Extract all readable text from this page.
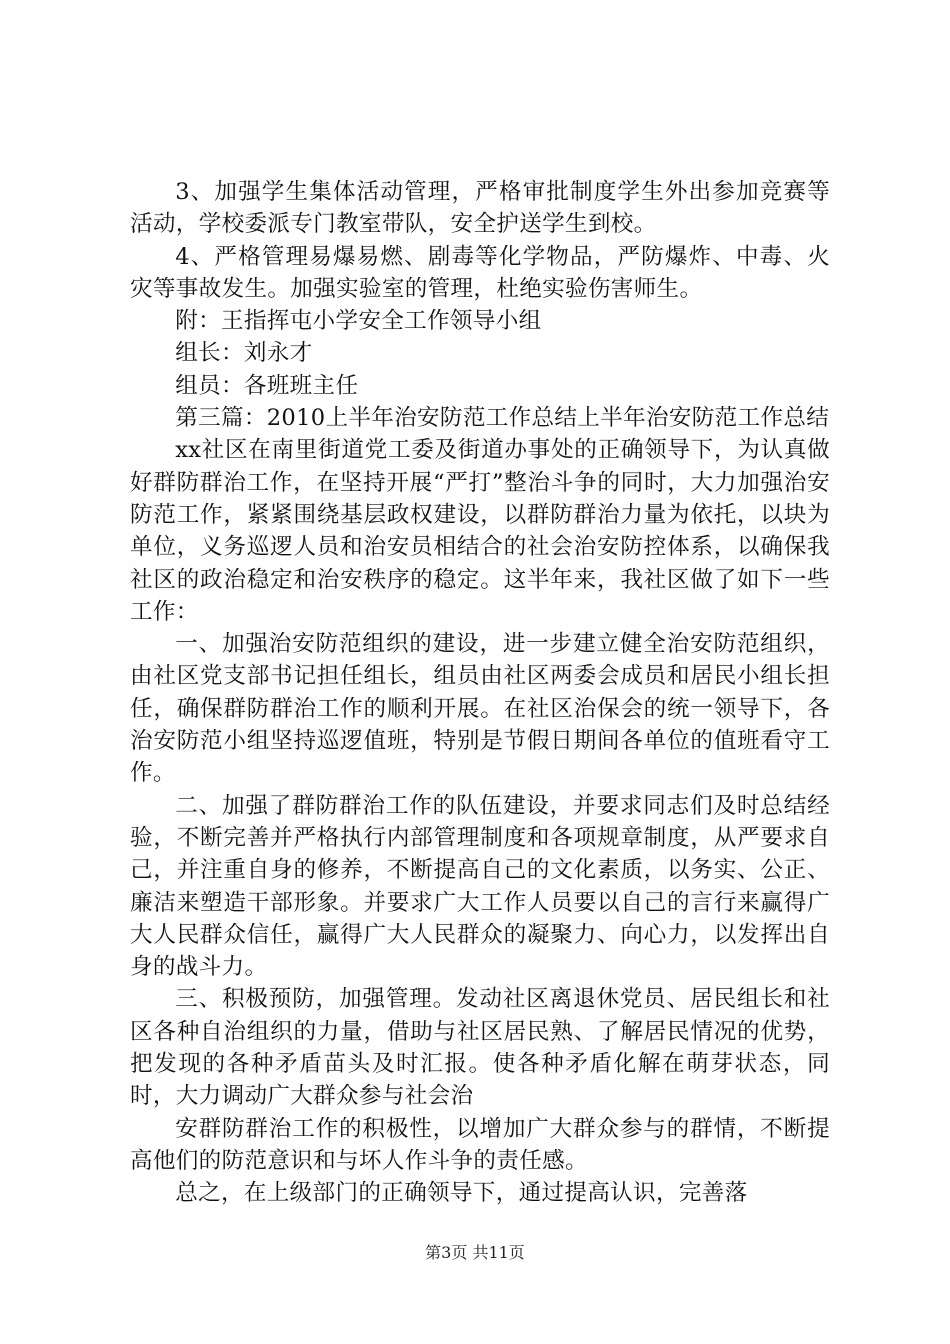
3、加强学生集体活动管理，严格审批制度学生外出参加竞赛等活动，学校委派专门教室带队，安全护送学生到校。

4、严格管理易爆易燃、剧毒等化学物品，严防爆炸、中毒、火灾等事故发生。加强实验室的管理，杜绝实验伤害师生。

附：王指挥屯小学安全工作领导小组

组长：刘永才

组员：各班班主任

第三篇：2010上半年治安防范工作总结上半年治安防范工作总结

xx社区在南里街道党工委及街道办事处的正确领导下，为认真做好群防群治工作，在坚持开展“严打”整治斗争的同时，大力加强治安防范工作，紧紧围绕基层政权建设，以群防群治力量为依托，以块为单位，义务巡逻人员和治安员相结合的社会治安防控体系，以确保我社区的政治稳定和治安秩序的稳定。这半年来，我社区做了如下一些工作：

一、加强治安防范组织的建设，进一步建立健全治安防范组织，由社区党支部书记担任组长，组员由社区两委会成员和居民小组长担任，确保群防群治工作的顺利开展。在社区治保会的统一领导下，各治安防范小组坚持巡逻值班，特别是节假日期间各单位的值班看守工作。

二、加强了群防群治工作的队伍建设，并要求同志们及时总结经验，不断完善并严格执行内部管理制度和各项规章制度，从严要求自己，并注重自身的修养，不断提高自己的文化素质，以务实、公正、廉洁来塑造干部形象。并要求广大工作人员要以自己的言行来赢得广大人民群众信任，赢得广大人民群众的凝聚力、向心力，以发挥出自身的战斗力。

三、积极预防，加强管理。发动社区离退休党员、居民组长和社区各种自治组织的力量，借助与社区居民熟、了解居民情况的优势，把发现的各种矛盾苗头及时汇报。使各种矛盾化解在萌芽状态，同时，大力调动广大群众参与社会治

安群防群治工作的积极性，以增加广大群众参与的群情，不断提高他们的防范意识和与坏人作斗争的责任感。

总之，在上级部门的正确领导下，通过提高认识，完善落

第3页 共11页
